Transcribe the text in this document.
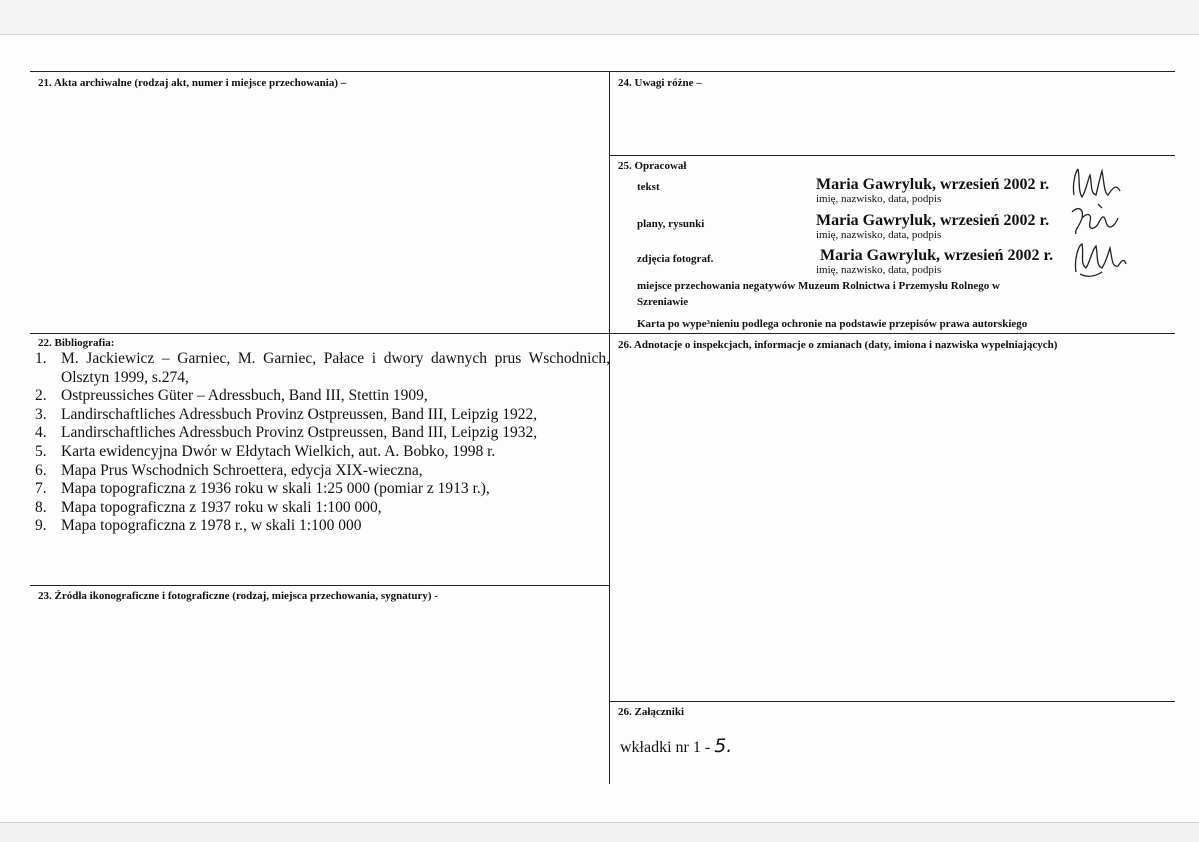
21. Akta archiwalne (rodzaj akt, numer i miejsce przechowania) –
22. Bibliografia:
1. M. Jackiewicz – Garniec, M. Garniec, Pałace i dwory dawnych prus Wschodnich, Olsztyn 1999, s.274,
2. Ostpreussiches Güter – Adressbuch, Band III, Stettin 1909,
3. Landirschaftliches Adressbuch Provinz Ostpreussen, Band III, Leipzig 1922,
4. Landirschaftliches Adressbuch Provinz Ostpreussen, Band III, Leipzig 1932,
5. Karta ewidencyjna Dwór w Ełdytach Wielkich, aut. A. Bobko, 1998 r.
6. Mapa Prus Wschodnich Schroettera, edycja XIX-wieczna,
7. Mapa topograficzna z 1936 roku w skali 1:25 000 (pomiar z 1913 r.),
8. Mapa topograficzna z 1937 roku w skali 1:100 000,
9. Mapa topograficzna z 1978 r., w skali 1:100 000
23. Źródła ikonograficzne i fotograficzne (rodzaj, miejsca przechowania, sygnatury) -
24. Uwagi różne –
25. Opracował
tekst	Maria Gawryluk, wrzesień 2002 r.
imię, nazwisko, data, podpis
plany, rysunki	Maria Gawryluk, wrzesień 2002 r.
imię, nazwisko, data, podpis
zdjęcia fotograf.	Maria Gawryluk, wrzesień 2002 r.
imię, nazwisko, data, podpis
miejsce przechowania negatywów Muzeum Rolnictwa i Przemysłu Rolnego w
Szreniawie
Karta po wype³nieniu podlega ochronie na podstawie przepisów prawa autorskiego
26. Adnotacje o inspekcjach, informacje o zmianach (daty, imiona i nazwiska wypełniających)
26. Załączniki
wkładki nr 1 - 5.
